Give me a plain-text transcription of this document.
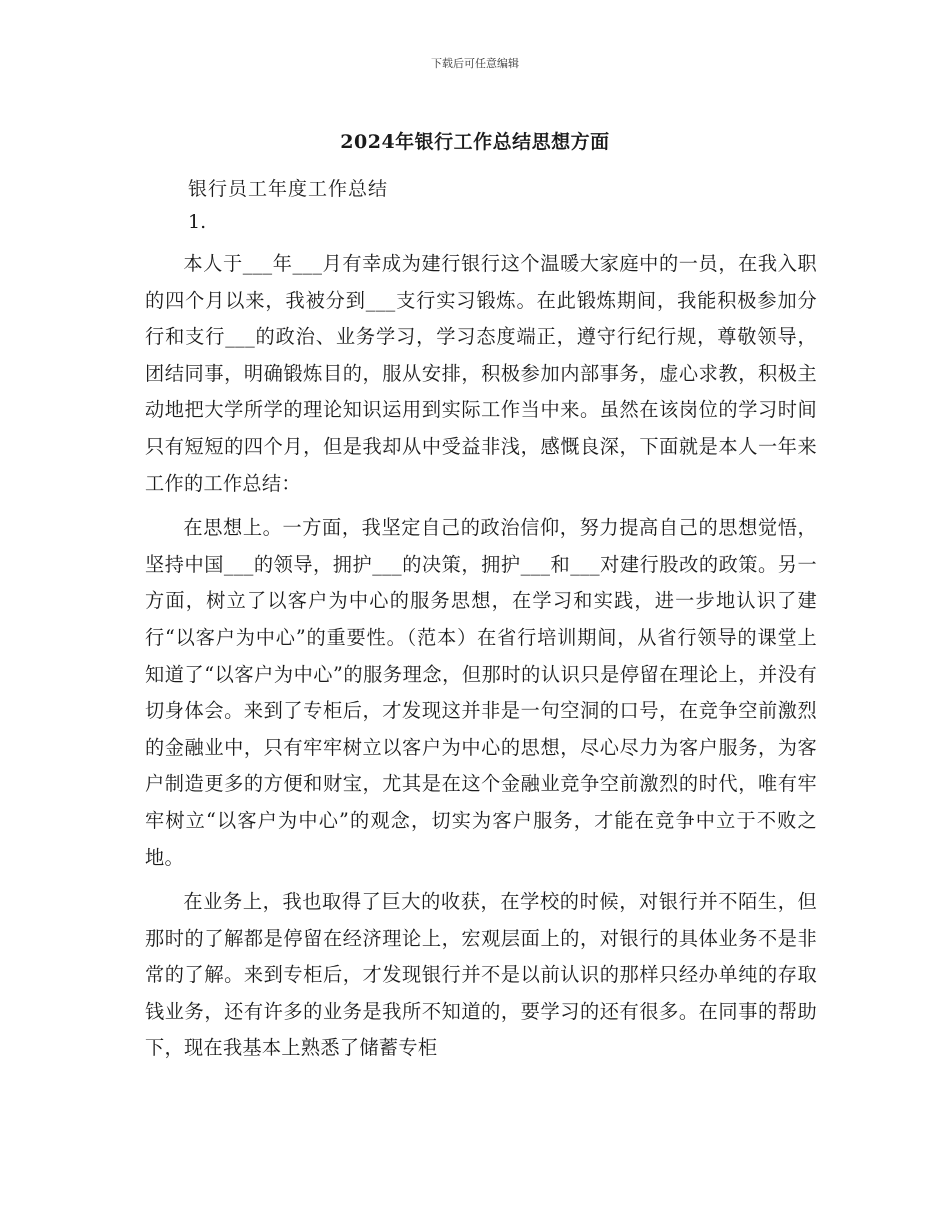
下载后可任意编辑
2024年银行工作总结思想方面
银行员工年度工作总结
1.

本人于___年___月有幸成为建行银行这个温暖大家庭中的一员，在我入职的四个月以来，我被分到___支行实习锻炼。在此锻炼期间，我能积极参加分行和支行___的政治、业务学习，学习态度端正，遵守行纪行规，尊敬领导，团结同事，明确锻炼目的，服从安排，积极参加内部事务，虚心求教，积极主动地把大学所学的理论知识运用到实际工作当中来。虽然在该岗位的学习时间只有短短的四个月，但是我却从中受益非浅，感慨良深，下面就是本人一年来工作的工作总结：

在思想上。一方面，我坚定自己的政治信仰，努力提高自己的思想觉悟，坚持中国___的领导，拥护___的决策，拥护___和___对建行股改的政策。另一方面，树立了以客户为中心的服务思想，在学习和实践，进一步地认识了建行“以客户为中心”的重要性。（范本）在省行培训期间，从省行领导的课堂上知道了“以客户为中心”的服务理念，但那时的认识只是停留在理论上，并没有切身体会。来到了专柜后，才发现这并非是一句空洞的口号，在竞争空前激烈的金融业中，只有牢牢树立以客户为中心的思想，尽心尽力为客户服务，为客户制造更多的方便和财宝，尤其是在这个金融业竞争空前激烈的时代，唯有牢牢树立“以客户为中心”的观念，切实为客户服务，才能在竞争中立于不败之地。

在业务上，我也取得了巨大的收获，在学校的时候，对银行并不陌生，但那时的了解都是停留在经济理论上，宏观层面上的，对银行的具体业务不是非常的了解。来到专柜后，才发现银行并不是以前认识的那样只经办单纯的存取钱业务，还有许多的业务是我所不知道的，要学习的还有很多。在同事的帮助下，现在我基本上熟悉了储蓄专柜
